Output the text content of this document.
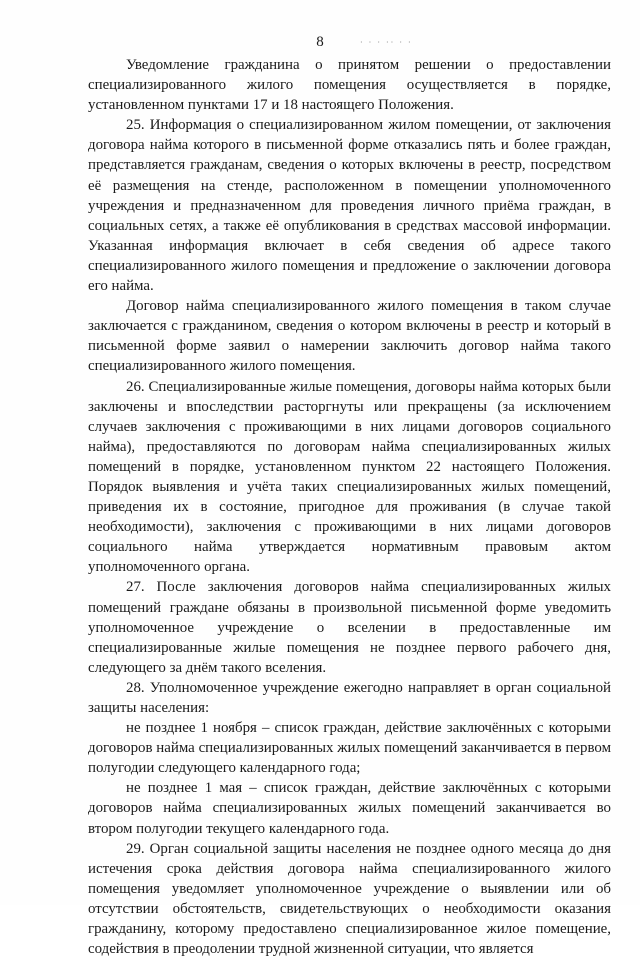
8	· · · ·· · ·

Уведомление гражданина о принятом решении о предоставлении специализированного жилого помещения осуществляется в порядке, установленном пунктами 17 и 18 настоящего Положения.

25. Информация о специализированном жилом помещении, от заключения договора найма которого в письменной форме отказались пять и более граждан, представляется гражданам, сведения о которых включены в реестр, посредством её размещения на стенде, расположенном в помещении уполномоченного учреждения и предназначенном для проведения личного приёма граждан, в социальных сетях, а также её опубликования в средствах массовой информации. Указанная информация включает в себя сведения об адресе такого специализированного жилого помещения и предложение о заключении договора его найма.

Договор найма специализированного жилого помещения в таком случае заключается с гражданином, сведения о котором включены в реестр и который в письменной форме заявил о намерении заключить договор найма такого специализированного жилого помещения.

26. Специализированные жилые помещения, договоры найма которых были заключены и впоследствии расторгнуты или прекращены (за исключением случаев заключения с проживающими в них лицами договоров социального найма), предоставляются по договорам найма специализированных жилых помещений в порядке, установленном пунктом 22 настоящего Положения. Порядок выявления и учёта таких специализированных жилых помещений, приведения их в состояние, пригодное для проживания (в случае такой необходимости), заключения с проживающими в них лицами договоров социального найма утверждается нормативным правовым актом уполномоченного органа.

27. После заключения договоров найма специализированных жилых помещений граждане обязаны в произвольной письменной форме уведомить уполномоченное учреждение о вселении в предоставленные им специализированные жилые помещения не позднее первого рабочего дня, следующего за днём такого вселения.

28. Уполномоченное учреждение ежегодно направляет в орган социальной защиты населения:

не позднее 1 ноября – список граждан, действие заключённых с которыми договоров найма специализированных жилых помещений заканчивается в первом полугодии следующего календарного года;

не позднее 1 мая – список граждан, действие заключённых с которыми договоров найма специализированных жилых помещений заканчивается во втором полугодии текущего календарного года.

29. Орган социальной защиты населения не позднее одного месяца до дня истечения срока действия договора найма специализированного жилого помещения уведомляет уполномоченное учреждение о выявлении или об отсутствии обстоятельств, свидетельствующих о необходимости оказания гражданину, которому предоставлено специализированное жилое помещение, содействия в преодолении трудной жизненной ситуации, что является
